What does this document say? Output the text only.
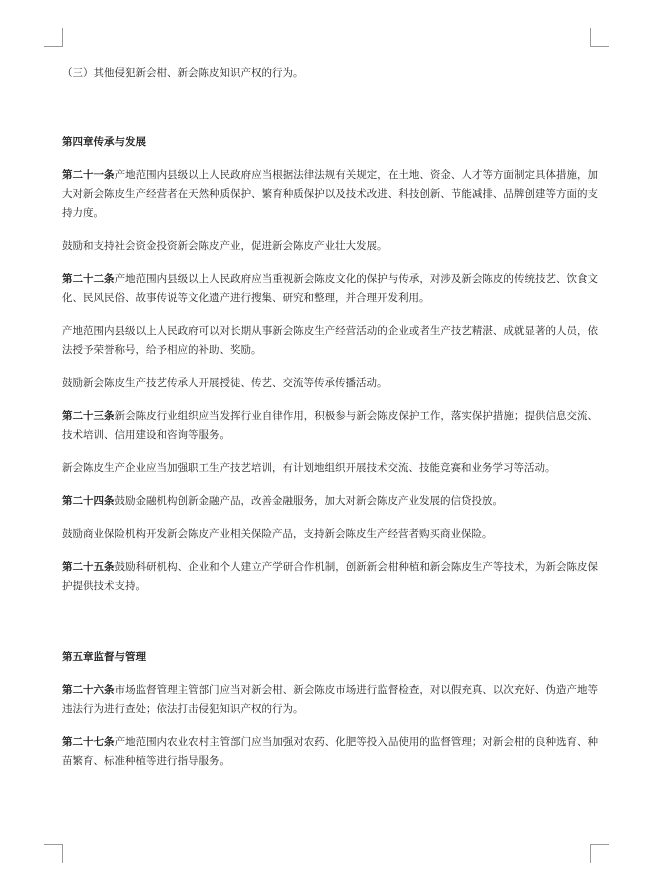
（三）其他侵犯新会柑、新会陈皮知识产权的行为。

第四章传承与发展

第二十一条产地范围内县级以上人民政府应当根据法律法规有关规定，在土地、资金、人才等方面制定具体措施，加大对新会陈皮生产经营者在天然种质保护、繁育种质保护以及技术改进、科技创新、节能减排、品牌创建等方面的支持力度。

鼓励和支持社会资金投资新会陈皮产业，促进新会陈皮产业壮大发展。

第二十二条产地范围内县级以上人民政府应当重视新会陈皮文化的保护与传承，对涉及新会陈皮的传统技艺、饮食文化、民风民俗、故事传说等文化遗产进行搜集、研究和整理，并合理开发利用。

产地范围内县级以上人民政府可以对长期从事新会陈皮生产经营活动的企业或者生产技艺精湛、成就显著的人员，依法授予荣誉称号，给予相应的补助、奖励。

鼓励新会陈皮生产技艺传承人开展授徒、传艺、交流等传承传播活动。

第二十三条新会陈皮行业组织应当发挥行业自律作用，积极参与新会陈皮保护工作，落实保护措施；提供信息交流、技术培训、信用建设和咨询等服务。

新会陈皮生产企业应当加强职工生产技艺培训，有计划地组织开展技术交流、技能竞赛和业务学习等活动。

第二十四条鼓励金融机构创新金融产品，改善金融服务，加大对新会陈皮产业发展的信贷投放。

鼓励商业保险机构开发新会陈皮产业相关保险产品，支持新会陈皮生产经营者购买商业保险。

第二十五条鼓励科研机构、企业和个人建立产学研合作机制，创新新会柑种植和新会陈皮生产等技术，为新会陈皮保护提供技术支持。

第五章监督与管理

第二十六条市场监督管理主管部门应当对新会柑、新会陈皮市场进行监督检查，对以假充真、以次充好、伪造产地等违法行为进行查处；依法打击侵犯知识产权的行为。

第二十七条产地范围内农业农村主管部门应当加强对农药、化肥等投入品使用的监督管理；对新会柑的良种选育、种苗繁育、标准种植等进行指导服务。
